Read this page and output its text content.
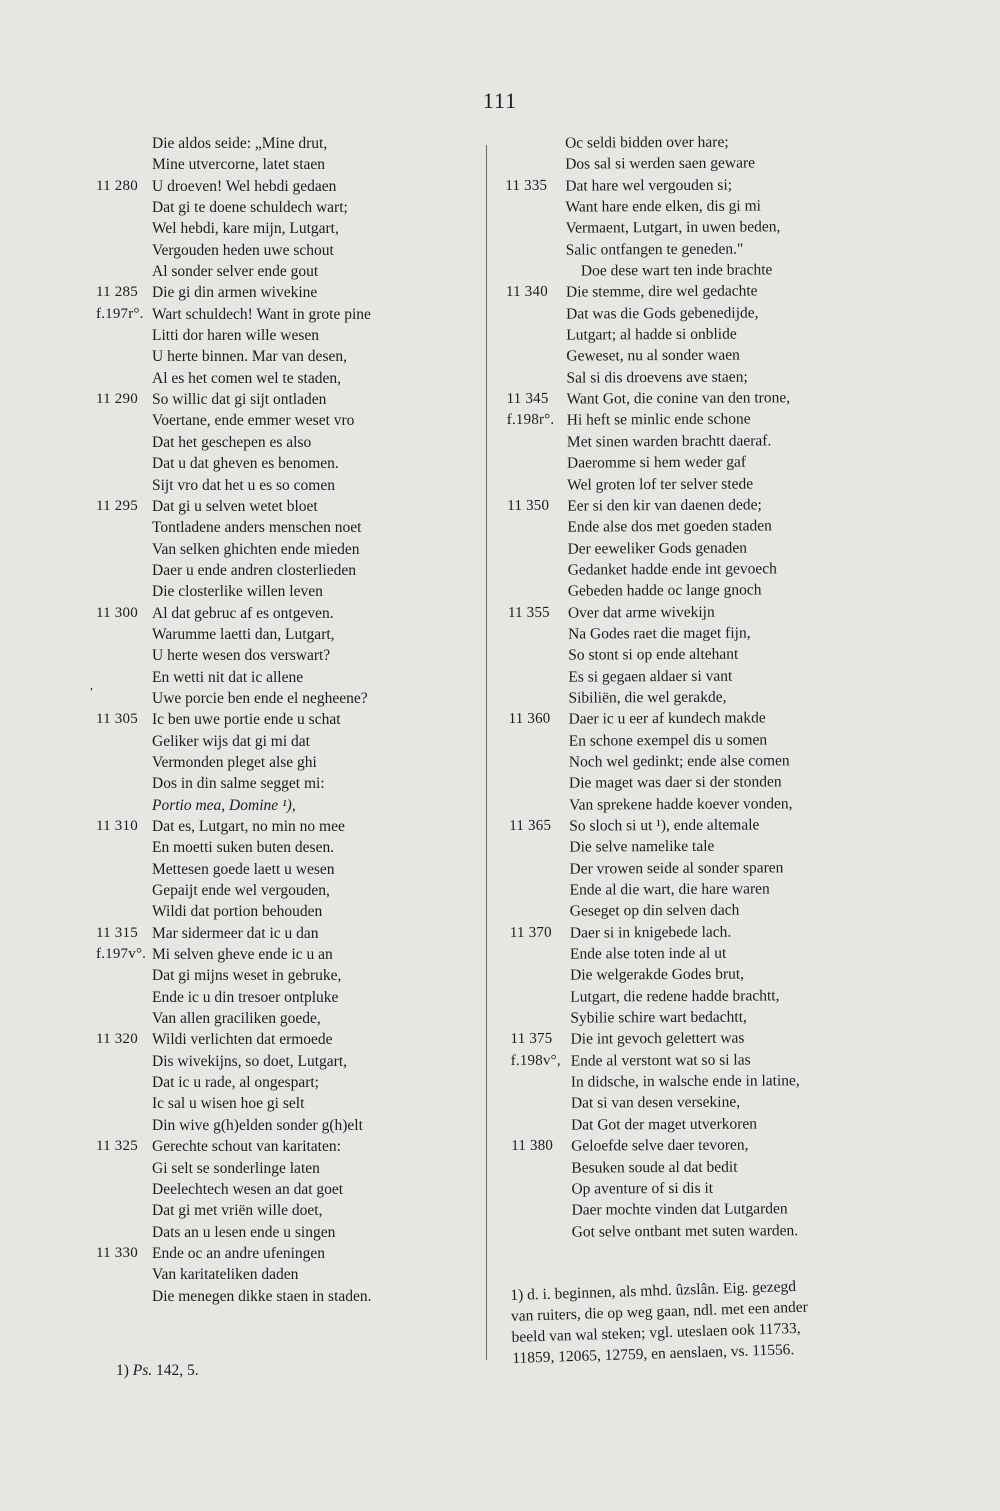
111
Die aldos seide: „Mine drut,
Mine utvercorne, latet staen
11 280 U droeven! Wel hebdi gedaen
Dat gi te doene schuldech wart;
Wel hebdi, kare mijn, Lutgart,
Vergouden heden uwe schout
Al sonder selver ende gout
11 285 Die gi din armen wivekine
f.197r°. Wart schuldech! Want in grote pine
Litti dor haren wille wesen
U herte binnen. Mar van desen,
Al es het comen wel te staden,
11 290 So willic dat gi sijt ontladen
Voertane, ende emmer weset vro
Dat het geschepen es also
Dat u dat gheven es benomen.
Sijt vro dat het u es so comen
11 295 Dat gi u selven wetet bloet
Tontladene anders menschen noet
Van selken ghichten ende mieden
Daer u ende andren closterlieden
Die closterlike willen leven
11 300 Al dat gebruc af es ontgeven.
Warumme laetti dan, Lutgart,
U herte wesen dos verswart?
En wetti nit dat ic allene
Uwe porcie ben ende el negheene?
11 305 Ic ben uwe portie ende u schat
Geliker wijs dat gi mi dat
Vermonden pleget alse ghi
Dos in din salme segget mi:
Portio mea, Domine ¹),
11 310 Dat es, Lutgart, no min no mee
En moetti suken buten desen.
Mettesen goede laett u wesen
Gepaijt ende wel vergouden,
Wildi dat portion behouden
11 315 Mar sidermeer dat ic u dan
f.197v°. Mi selven gheve ende ic u an
Dat gi mijns weset in gebruke,
Ende ic u din tresoer ontpluke
Van allen graciliken goede,
11 320 Wildi verlichten dat ermoede
Dis wivekijns, so doet, Lutgart,
Dat ic u rade, al ongespart;
Ic sal u wisen hoe gi selt
Din wive g(h)elden sonder g(h)elt
11 325 Gerechte schout van karitaten:
Gi selt se sonderlinge laten
Deelechtech wesen an dat goet
Dat gi met vriën wille doet,
Dats an u lesen ende u singen
11 330 Ende oc an andre ufeningen
Van karitateliken daden
Die menegen dikke staen in staden.
Oc seldi bidden over hare;
Dos sal si werden saen geware
11 335 Dat hare wel vergouden si;
Want hare ende elken, dis gi mi
Vermaent, Lutgart, in uwen beden,
Salic ontfangen te geneden."
Doe dese wart ten inde brachte
11 340 Die stemme, dire wel gedachte
Dat was die Gods gebenedijde,
Lutgart; al hadde si onblide
Geweset, nu al sonder waen
Sal si dis droevens ave staen;
11 345 Want Got, die conine van den trone,
f.198r°. Hi heft se minlic ende schone
Met sinen warden brachtt daeraf.
Daeromme si hem weder gaf
Wel groten lof ter selver stede
11 350 Eer si den kir van daenen dede;
Ende alse dos met goeden staden
Der eeweliker Gods genaden
Gedanket hadde ende int gevoech
Gebeden hadde oc lange gnoch
11 355 Over dat arme wivekijn
Na Godes raet die maget fijn,
So stont si op ende altehant
Es si gegaen aldaer si vant
Sibiliën, die wel gerakde,
11 360 Daer ic u eer af kundech makde
En schone exempel dis u somen
Noch wel gedinkt; ende alse comen
Die maget was daer si der stonden
Van sprekene hadde koever vonden,
11 365 So sloch si ut ¹), ende altemale
Die selve namelike tale
Der vrowen seide al sonder sparen
Ende al die wart, die hare waren
Geseget op din selven dach
11 370 Daer si in knigebede lach.
Ende alse toten inde al ut
Die welgerakde Godes brut,
Lutgart, die redene hadde brachtt,
Sybilie schire wart bedachtt,
11 375 Die int gevoch gelettert was
f.198v°, Ende al verstont wat so si las
In didsche, in walsche ende in latine,
Dat si van desen versekine,
Dat Got der maget utverkoren
11 380 Geloefde selve daer tevoren,
Besuken soude al dat bedit
Op aventure of si dis it
Daer mochte vinden dat Lutgarden
Got selve ontbant met suten warden.
,
1) Ps. 142, 5.
1) d. i. beginnen, als mhd. ûzslân. Eig. gezegd
van ruiters, die op weg gaan, ndl. met een ander
beeld van wal steken; vgl. uteslaen ook 11733,
11859, 12065, 12759, en aenslaen, vs. 11556.
